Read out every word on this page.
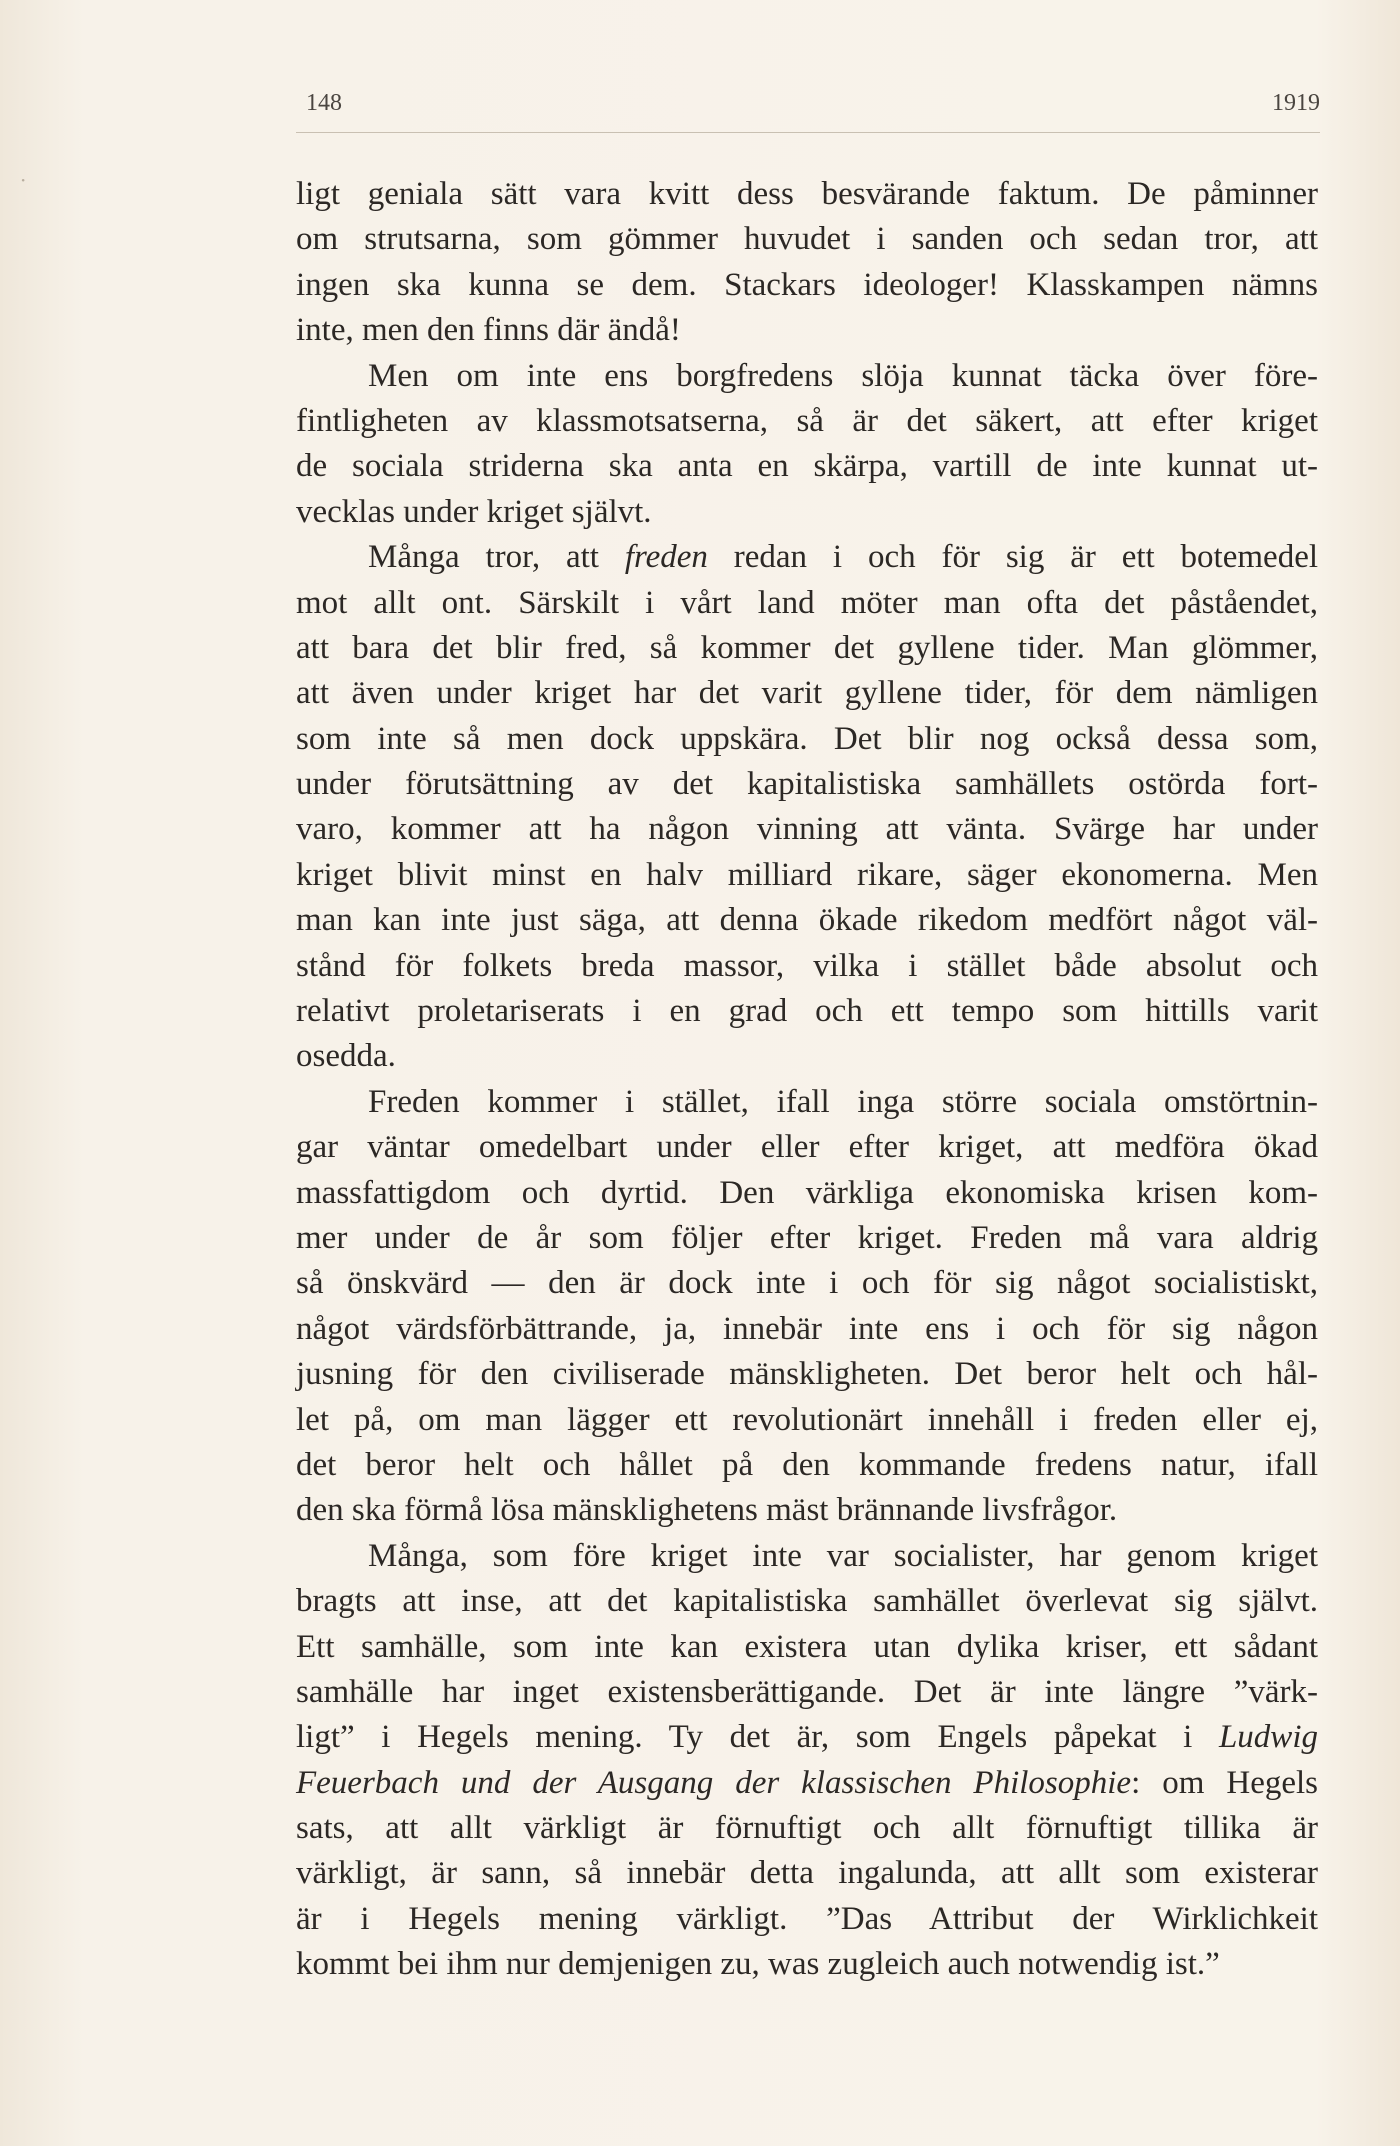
148	1919
ligt geniala sätt vara kvitt dess besvärande faktum. De påminner
om strutsarna, som gömmer huvudet i sanden och sedan tror, att
ingen ska kunna se dem. Stackars ideologer! Klasskampen nämns
inte, men den finns där ändå!
Men om inte ens borgfredens slöja kunnat täcka över före-
fintligheten av klassmotsatserna, så är det säkert, att efter kriget
de sociala striderna ska anta en skärpa, vartill de inte kunnat ut-
vecklas under kriget självt.
Många tror, att freden redan i och för sig är ett botemedel
mot allt ont. Särskilt i vårt land möter man ofta det påståendet,
att bara det blir fred, så kommer det gyllene tider. Man glömmer,
att även under kriget har det varit gyllene tider, för dem nämligen
som inte så men dock uppskära. Det blir nog också dessa som,
under förutsättning av det kapitalistiska samhällets ostörda fort-
varo, kommer att ha någon vinning att vänta. Svärge har under
kriget blivit minst en halv milliard rikare, säger ekonomerna. Men
man kan inte just säga, att denna ökade rikedom medfört något väl-
stånd för folkets breda massor, vilka i stället både absolut och
relativt proletariserats i en grad och ett tempo som hittills varit
osedda.
Freden kommer i stället, ifall inga större sociala omstörtnin-
gar väntar omedelbart under eller efter kriget, att medföra ökad
massfattigdom och dyrtid. Den värkliga ekonomiska krisen kom-
mer under de år som följer efter kriget. Freden må vara aldrig
så önskvärd — den är dock inte i och för sig något socialistiskt,
något värdsförbättrande, ja, innebär inte ens i och för sig någon
jusning för den civiliserade mänskligheten. Det beror helt och hål-
let på, om man lägger ett revolutionärt innehåll i freden eller ej,
det beror helt och hållet på den kommande fredens natur, ifall
den ska förmå lösa mänsklighetens mäst brännande livsfrågor.
Många, som före kriget inte var socialister, har genom kriget
bragts att inse, att det kapitalistiska samhället överlevat sig självt.
Ett samhälle, som inte kan existera utan dylika kriser, ett sådant
samhälle har inget existensberättigande. Det är inte längre ”värk-
ligt” i Hegels mening. Ty det är, som Engels påpekat i Ludwig
Feuerbach und der Ausgang der klassischen Philosophie: om Hegels
sats, att allt värkligt är förnuftigt och allt förnuftigt tillika är
värkligt, är sann, så innebär detta ingalunda, att allt som existerar
är i Hegels mening värkligt. ”Das Attribut der Wirklichkeit
kommt bei ihm nur demjenigen zu, was zugleich auch notwendig ist.”
·
